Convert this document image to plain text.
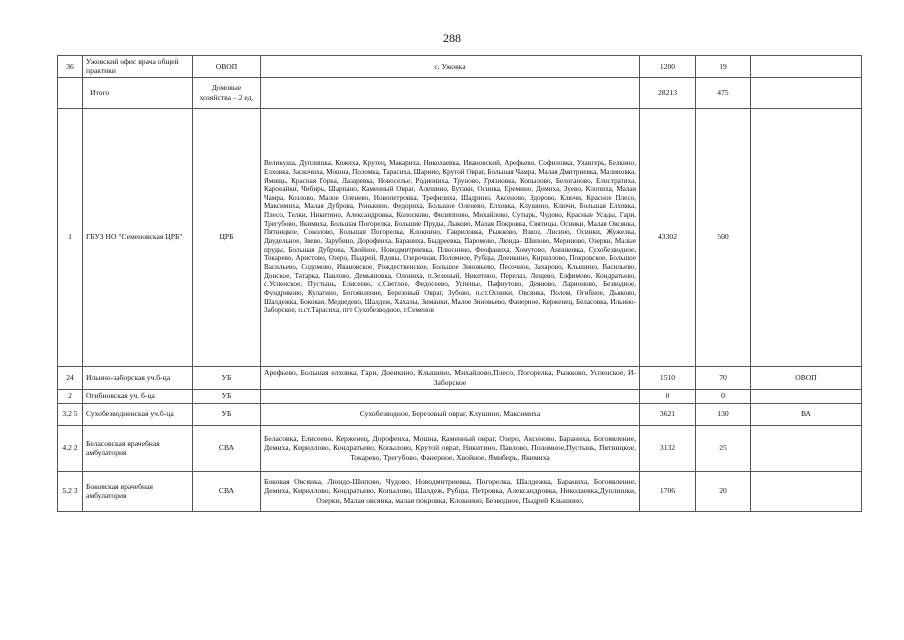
288
36	Ужовский офис врача общей практики	ОВОП	с. Ужовка	1200	19	
	Итого	Домовые хозяйства – 2 ед.		28213	475	
1	ГБУЗ НО "Семеновская ЦРБ"	ЦРБ	Великуша, Дуплишка, Кожиха, Крутец, Макариха, Николаевка, Ивановский, Арефьево, Софиловка, Улангерь, Белкино, Елховка, Заскочиха, Мошна, Поломка, Тарасиха, Шарино, Крутой Овраг, Большая Чамра, Малая Дмитриевка, Малиновка, Ямищь, Красная Горка, Лазаревка, Новоселье, Родиониха, Труново, Грязновка, Копылово, Белоганово, Елистратиха, Кароеайки, Чибирь, Шарпано, Каменный Овраг, Алешино, Бутаки, Осинка, Еремино, Демиха, Зуево, Клопиха, Малая Чамра, Козлово, Малое Оленево, Новопетровка, Трефилиха, Шадрино, Аксеново, Здорово, Ключи, Красное Плесо, Максимиха, Малая Дуброва, Ронькино, Федориха, Большое Оленево, Елховка, Клушино, Ключи, Большая Елховка, Плесо, Телки, Никитино, Александровка, Колосково, Филиппово, Михайлово, Сутырь, Чудово, Красные Усады, Гари, Трегубово, Якимиха, Большая Погорелка, Большие Пруды, Лыково, Малая Покровка, Святицы, Осинки, Малая Овсянка, Пятницкое, Соколово, Большая Погорелка, Клокнино, Гавриловка, Рыжково, Взвоз, Лисино, Осинки, Жужелка, Двудельное, Звево, Зарубино, Дорофеиха, Бараниха, Быдреевка, Паромово, Люнда- Шипово, Мериново, Озерки, Малые пруды, Большая Дуброва, Хвойное, Новодмитриевка, Плюснино, Феофаниха, Хомутово, Анниковка, Сухобезводное, Токарево, Аристово, Озеро, Пыдрей, Ядовы, Озерочная, Поломное, Рубцы, Доенкино, Кириллово, Покровское, Большое Васильево, Содомово, Ивановское, Рождественское, Большое Зиновьево, Песочное, Захарово, Клышино, Васильево, Донское, Татарка, Павлово, Демьяновка, Олониха, п.Зеленый, Никитино, Перелаз, Лещево, Елфимово, Кондратьево, с.Успенское, Пустынь, Елисеево, с.Светлое, Федосеево, Успенье, Пафнутово, Деяново, Ларионово, Безводное, Фундриково, Кулагино, Богоявление, Березовый Овраг, Зубово, п.ст.Осинки, Овсянка, Полом, Огибное, Дьяково, Шалдежка, Боковая, Медведево, Шалдеж, Хахалы, Зиманки, Малое Зиновьево, Фанерное, Керженец, Беласовка, Ильино- Заборское, п.ст.Тарасиха, пгт Сухобезводное, г.Семенов	43302	500	
24	Ильино-заборская уч.б-ца	УБ	Арефьево, Большая елховка, Гари, Доенкино, Клышино, Михайлово,Плесо, Погорелка, Рыжково, Успенское, И-Заборское	1510	70	ОВОП
2	Огибновская уч. б-ца	УБ		0	0	
3,2 5	Сухобезводненская уч.б-ца	УБ	Сухобезводное, Березовый овраг, Клушино, Максимиха	3621	130	ВА
4,2 2	Беласовская врачебная амбулатория	СВА	Беласовка, Елисеево, Керженец, Дорофеиха, Мошна, Каменный овраг, Озеро, Аксеново, Бараниха, Богоявление, Демиха, Кириллово, Кондратьево, Копылово, Крутой овраг, Никитино, Павлово, Поломное,Пустынь, Пятницкое, Токарево, Трегубово, Фанерное, Хвойное, Ямибирь, Якимиха	3132	25	
5,2 3	Боковская врачебная амбулатория	СВА	Боковая Овсянка, Люндо-Шипово, Чудово, Новодмитриевка, Погорелка, Шалдежка, Бараниха, Богоявление, Демиха, Кириллово, Кондратьево, Копылово, Шалдеж, Рубцы, Петровка, Александровка, Николаевка,Дуплишки, Озерки, Малая овсянка, малая покровка, Клокнино, Безводное, Пыдрей Клышино,	1706	20	
